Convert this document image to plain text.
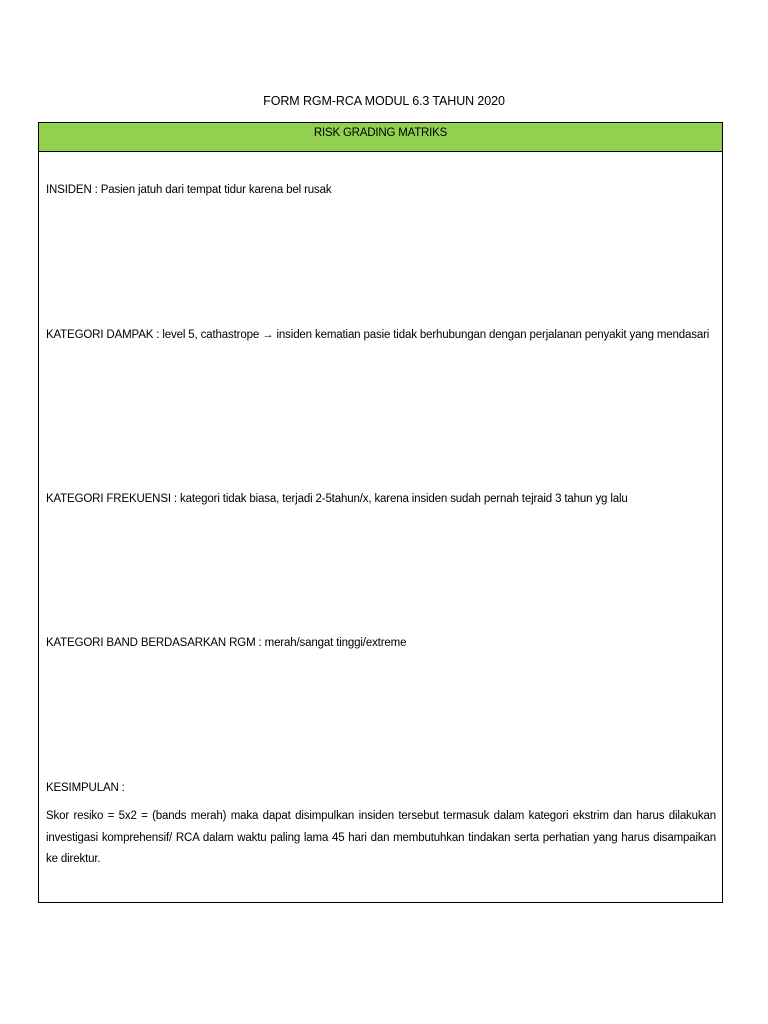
FORM RGM-RCA MODUL 6.3 TAHUN 2020
RISK GRADING MATRIKS
INSIDEN : Pasien jatuh dari tempat tidur karena bel rusak
KATEGORI DAMPAK : level 5, cathastrope → insiden kematian pasie tidak berhubungan dengan perjalanan penyakit yang mendasari
KATEGORI FREKUENSI : kategori tidak biasa, terjadi 2-5tahun/x, karena insiden sudah pernah tejraid 3 tahun yg lalu
KATEGORI BAND BERDASARKAN RGM : merah/sangat tinggi/extreme
KESIMPULAN :
Skor resiko = 5x2 = (bands merah) maka dapat disimpulkan insiden tersebut termasuk dalam kategori ekstrim dan harus dilakukan investigasi komprehensif/ RCA dalam waktu paling lama 45 hari dan membutuhkan tindakan serta perhatian yang harus disampaikan ke direktur.
